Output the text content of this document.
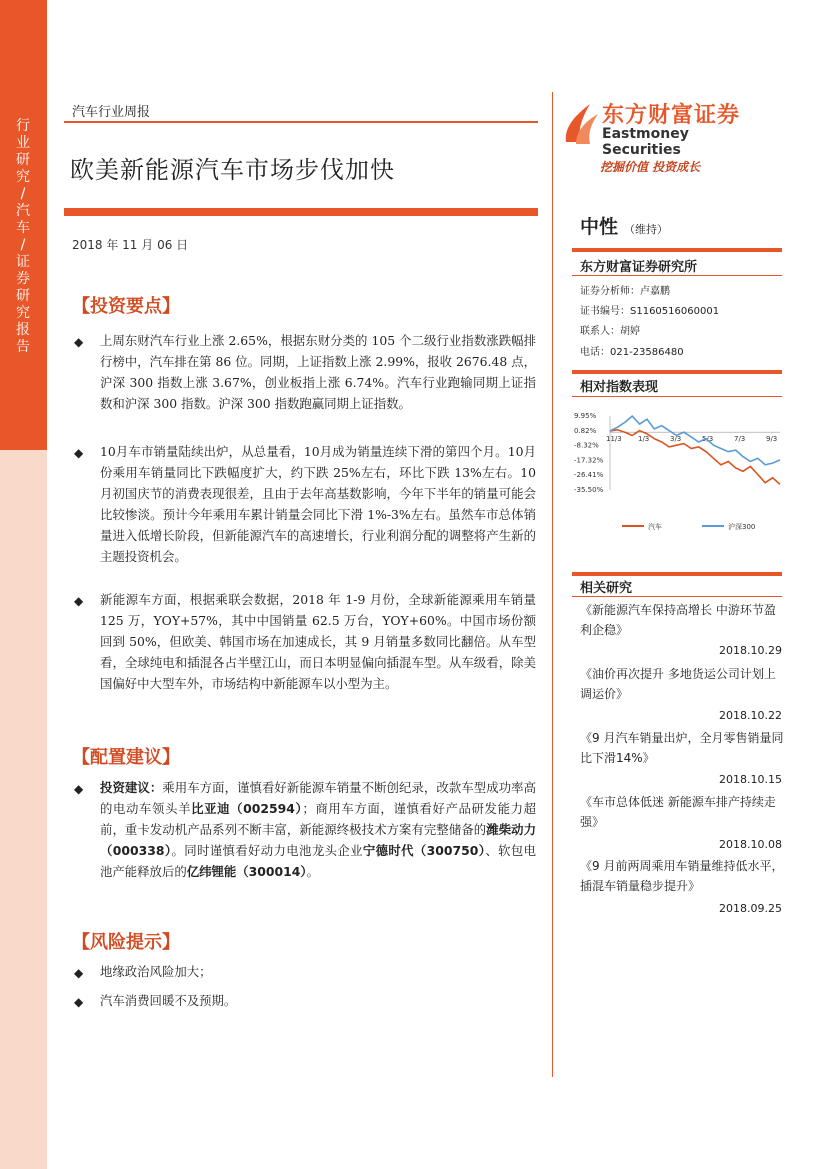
行业研究 / 汽车 / 证券研究报告
汽车行业周报
欧美新能源汽车市场步伐加快
2018 年 11 月 06 日
【投资要点】
◆
上周东财汽车行业上涨 2.65%，根据东财分类的 105 个二级行业指数涨跌幅排行榜中，汽车排在第 86 位。同期，上证指数上涨 2.99%，报收 2676.48 点，沪深 300 指数上涨 3.67%，创业板指上涨 6.74%。汽车行业跑输同期上证指数和沪深 300 指数。沪深 300 指数跑赢同期上证指数。
◆
10月车市销量陆续出炉，从总量看，10月成为销量连续下滑的第四个月。10月份乘用车销量同比下跌幅度扩大，约下跌 25%左右，环比下跌 13%左右。10月初国庆节的消费表现很差，且由于去年高基数影响，今年下半年的销量可能会比较惨淡。预计今年乘用车累计销量会同比下滑 1%-3%左右。虽然车市总体销量进入低增长阶段，但新能源汽车的高速增长，行业利润分配的调整将产生新的主题投资机会。
◆
新能源车方面，根据乘联会数据，2018 年 1-9 月份，全球新能源乘用车销量 125 万，YOY+57%，其中中国销量 62.5 万台，YOY+60%。中国市场份额回到 50%，但欧美、韩国市场在加速成长，其 9 月销量多数同比翻倍。从车型看，全球纯电和插混各占半壁江山，而日本明显偏向插混车型。从车级看，除美国偏好中大型车外，市场结构中新能源车以小型为主。
【配置建议】
◆
投资建议：乘用车方面，谨慎看好新能源车销量不断创纪录，改款车型成功率高的电动车领头羊比亚迪（002594）；商用车方面，谨慎看好产品研发能力超前，重卡发动机产品系列不断丰富，新能源终极技术方案有完整储备的潍柴动力（000338）。同时谨慎看好动力电池龙头企业宁德时代（300750）、软包电池产能释放后的亿纬锂能（300014）。
【风险提示】
◆
地缘政治风险加大；
◆
汽车消费回暖不及预期。
东方财富证券
Eastmoney Securities
挖掘价值 投资成长
中性 （维持）
东方财富证券研究所
证券分析师：卢嘉鹏
证书编号：S1160516060001
联系人：胡婷
电话：021-23586480
相对指数表现
9.95%
0.82%
-8.32%
-17.32%
-26.41%
-35.50%
11/3 1/3	3/3	5/3	7/3	9/3
汽车	沪深300
相关研究
《新能源汽车保持高增长 中游环节盈利企稳》
2018.10.29
《油价再次提升 多地货运公司计划上调运价》
2018.10.22
《9 月汽车销量出炉，全月零售销量同比下滑14%》
2018.10.15
《车市总体低迷 新能源车排产持续走强》
2018.10.08
《9 月前两周乘用车销量维持低水平，插混车销量稳步提升》
2018.09.25
